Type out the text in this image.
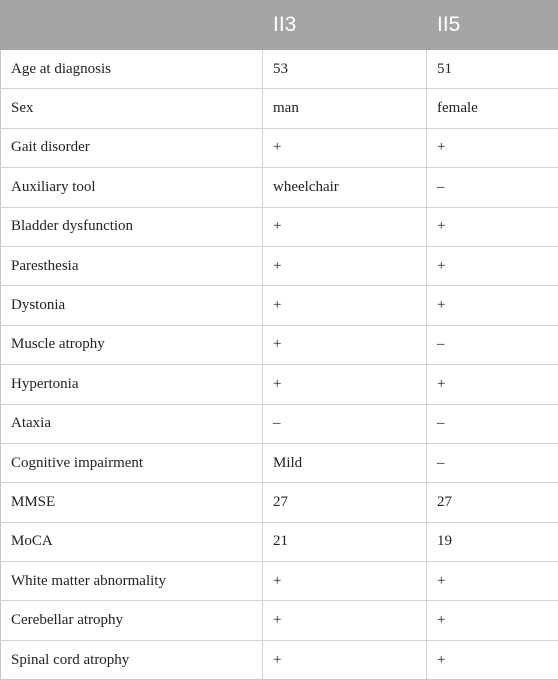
	II3	II5
Age at diagnosis	53	51
Sex	man	female
Gait disorder	+	+
Auxiliary tool	wheelchair	–
Bladder dysfunction	+	+
Paresthesia	+	+
Dystonia	+	+
Muscle atrophy	+	–
Hypertonia	+	+
Ataxia	–	–
Cognitive impairment	Mild	–
MMSE	27	27
MoCA	21	19
White matter abnormality	+	+
Cerebellar atrophy	+	+
Spinal cord atrophy	+	+
